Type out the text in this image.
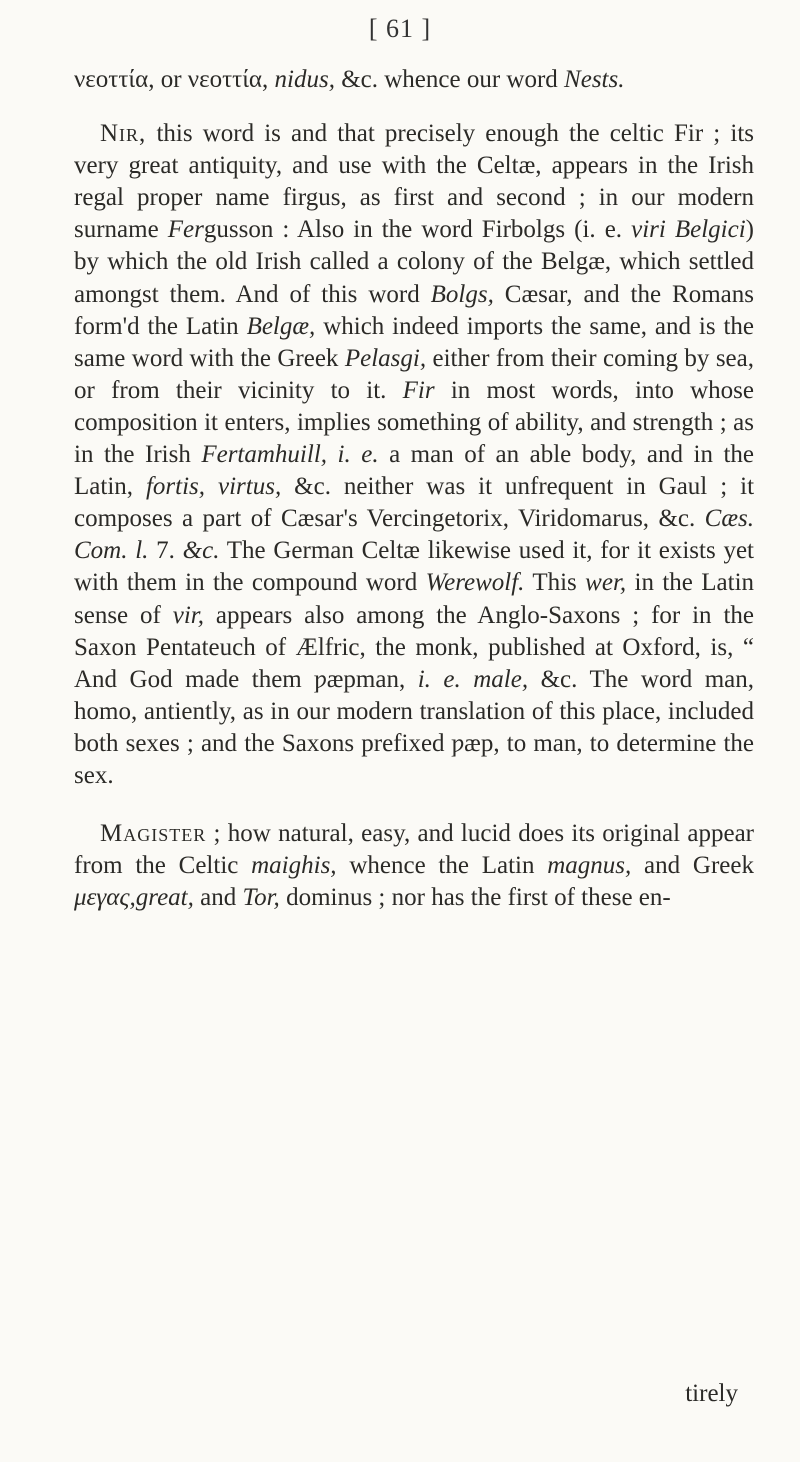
[ 61 ]

νεοττία, or νεοττία, nidus, &c. whence our word Nests.

Nir, this word is and that precisely enough the celtic Fir ; its very great antiquity, and use with the Celtæ, appears in the Irish regal proper name firgus, as first and second ; in our modern surname Fergusson : Also in the word Firbolgs (i. e. viri Belgici) by which the old Irish called a colony of the Belgæ, which settled amongst them. And of this word Bolgs, Cæsar, and the Romans form'd the Latin Belgæ, which indeed imports the same, and is the same word with the Greek Pelasgi, either from their coming by sea, or from their vicinity to it. Fir in most words, into whose composition it enters, implies something of ability, and strength ; as in the Irish Fertamhuill, i. e. a man of an able body, and in the Latin, fortis, virtus, &c. neither was it unfrequent in Gaul ; it composes a part of Cæsar's Vercingetorix, Viridomarus, &c. Cæs. Com. l. 7. &c. The German Celtæ likewise used it, for it exists yet with them in the compound word Werewolf. This wer, in the Latin sense of vir, appears also among the Anglo-Saxons ; for in the Saxon Pentateuch of Ælfric, the monk, published at Oxford, is, “ And God made them ƿæpman, i. e. male, &c. The word man, homo, antiently, as in our modern translation of this place, included both sexes ; and the Saxons prefixed ƿæp, to man, to determine the sex.

Magister ; how natural, easy, and lucid does its original appear from the Celtic maighis, whence the Latin magnus, and Greek μεγας,great, and Tor, dominus ; nor has the first of these en-

tirely
